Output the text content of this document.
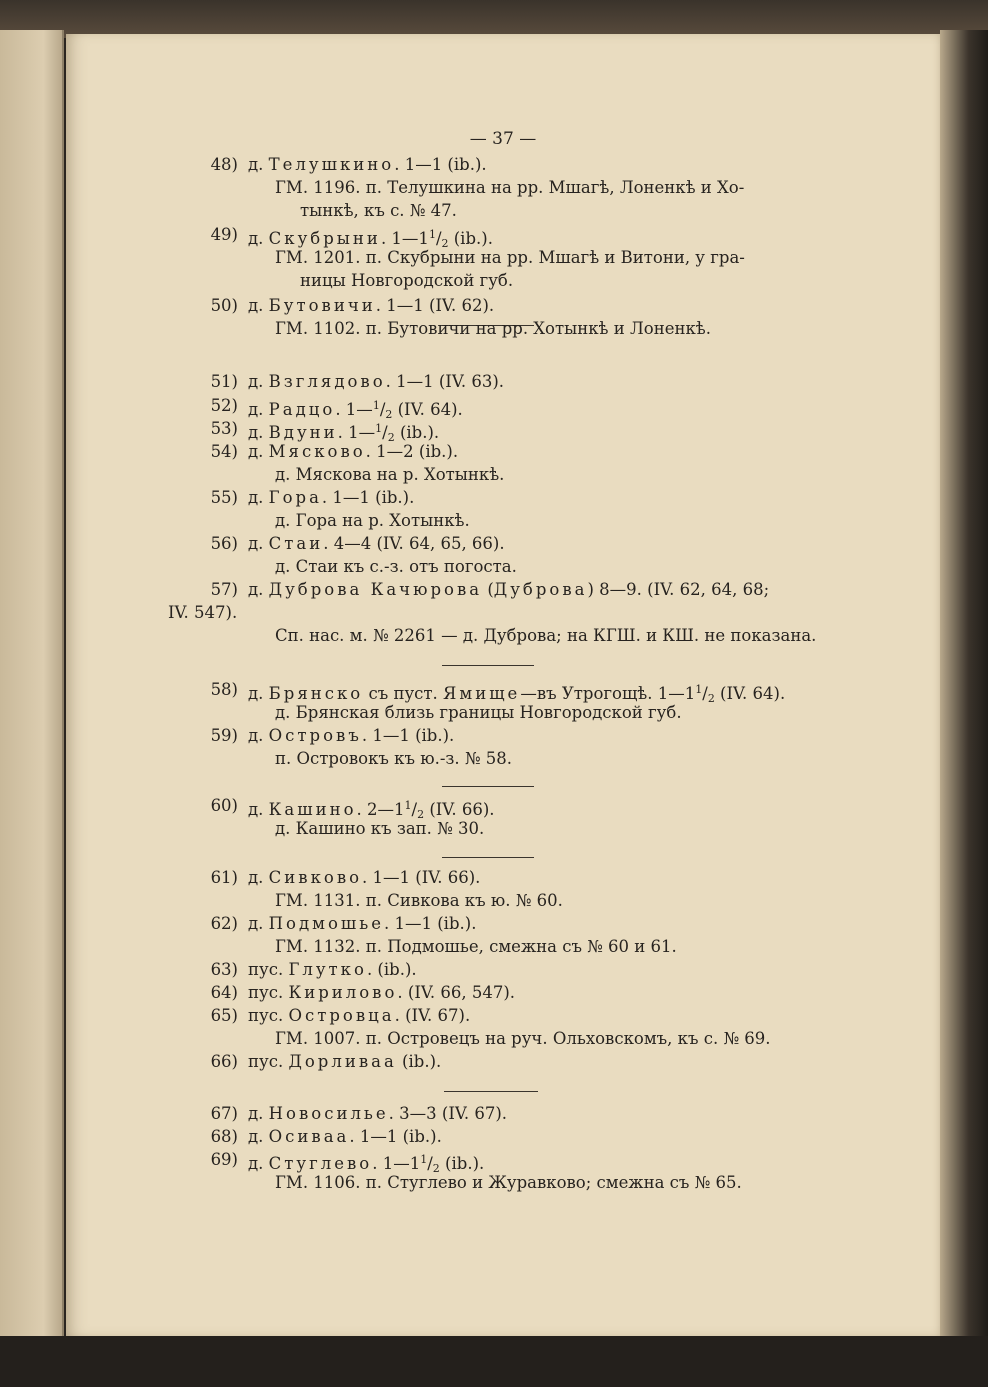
— 37 —
48) д. Телушкино. 1—1 (ib.).
ГМ. 1196. п. Телушкина на рр. Мшагѣ, Лоненкѣ и Хо-
тынкѣ, къ с. № 47.
49) д. Скубрыни. $1—1^1/_2$ (ib.).
ГМ. 1201. п. Скубрыни на рр. Мшагѣ и Витони, у гра-
ницы Новгородской губ.
50) д. Бутовичи. 1—1 (IV. 62).
ГМ. 1102. п. Бутовичи на рр. Хотынкѣ и Лоненкѣ.
51) д. Взглядово. 1—1 (IV. 63).
52) д. Радцо. $1—^1/_2$ (IV. 64).
53) д. Вдуни. $1—^1/_2$ (ib.).
54) д. Мясково. 1—2 (ib.).
д. Мяскова на р. Хотынкѣ.
55) д. Гора. 1—1 (ib.).
д. Гора на р. Хотынкѣ.
56) д. Стаи. 4—4 (IV. 64, 65, 66).
д. Стаи къ с.-з. отъ погоста.
57) д. Дуброва Качюрова (Дуброва) 8—9. (IV. 62, 64, 68;
IV. 547).
Сп. нас. м. № 2261 — д. Дуброва; на КГШ. и КШ. не показана.
58) д. Брянско съ пуст. Ямище—въ Утрогощѣ. $1—1^1/_2$ (IV. 64).
д. Брянская близь границы Новгородской губ.
59) д. Островъ. 1—1 (ib.).
п. Островокъ къ ю.-з. № 58.
60) д. Кашино. $2—1^1/_2$ (IV. 66).
д. Кашино къ зап. № 30.
61) д. Сивково. 1—1 (IV. 66).
ГМ. 1131. п. Сивкова къ ю. № 60.
62) д. Подмошье. 1—1 (ib.).
ГМ. 1132. п. Подмошье, смежна съ № 60 и 61.
63) пус. Глутко. (ib.).
64) пус. Кирилово. (IV. 66, 547).
65) пус. Островца. (IV. 67).
ГМ. 1007. п. Островецъ на руч. Ольховскомъ, къ с. № 69.
66) пус. Дорливаа (ib.).
67) д. Новосилье. 3—3 (IV. 67).
68) д. Осиваа. 1—1 (ib.).
69) д. Стуглево. $1—1^1/_2$ (ib.).
ГМ. 1106. п. Стуглево и Журавково; смежна съ № 65.
